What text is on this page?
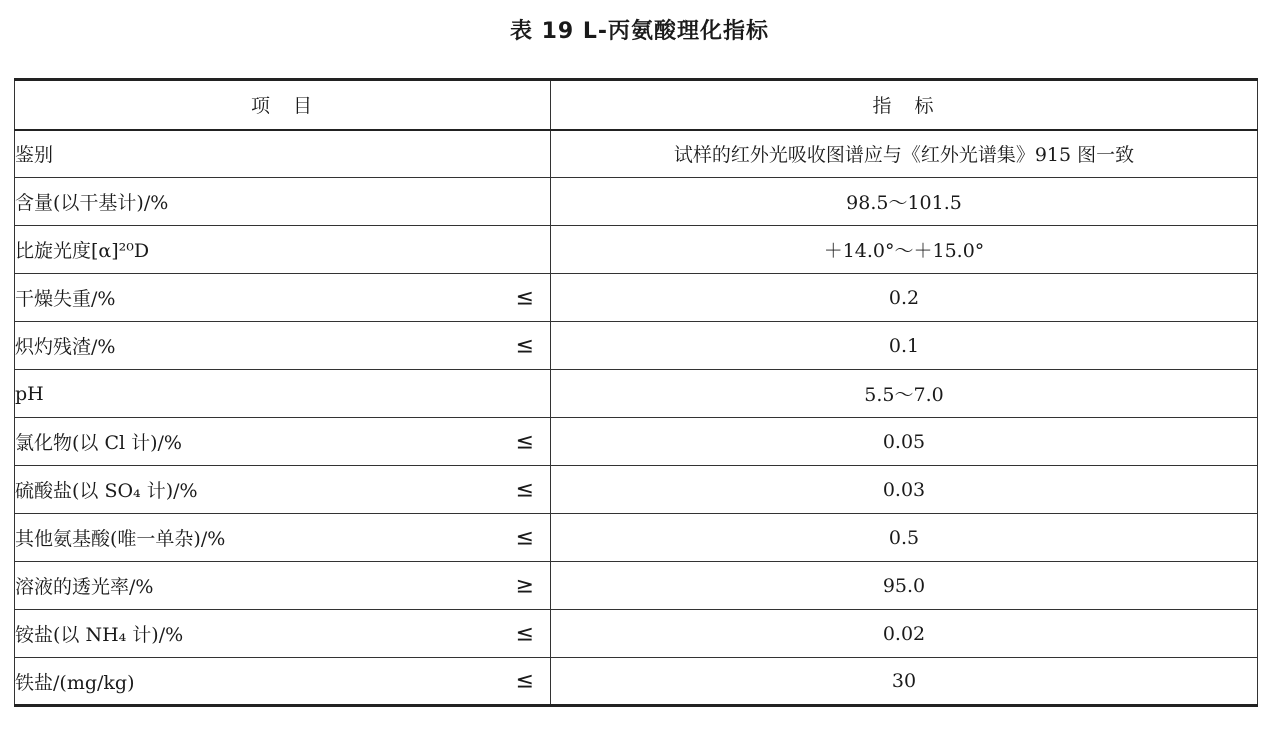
表 19 L-丙氨酸理化指标
项　目	指　标
鉴别	试样的红外光吸收图谱应与《红外光谱集》915 图一致
含量(以干基计)/%	98.5～101.5
比旋光度[α]²⁰D	＋14.0°～＋15.0°
干燥失重/% ≤	0.2
炽灼残渣/% ≤	0.1
pH	5.5～7.0
氯化物(以 Cl 计)/% ≤	0.05
硫酸盐(以 SO₄ 计)/% ≤	0.03
其他氨基酸(唯一单杂)/% ≤	0.5
溶液的透光率/% ≥	95.0
铵盐(以 NH₄ 计)/% ≤	0.02
铁盐/(mg/kg) ≤	30
